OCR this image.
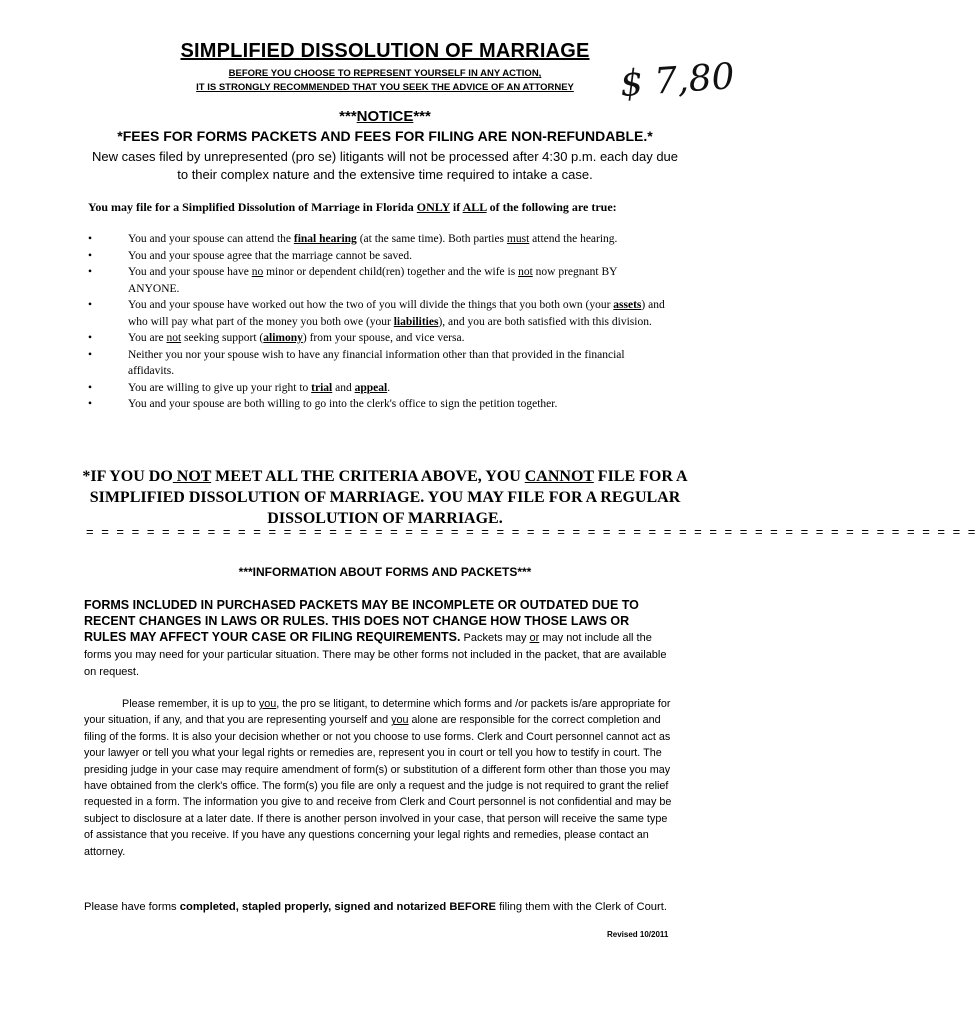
SIMPLIFIED DISSOLUTION OF MARRIAGE
BEFORE YOU CHOOSE TO REPRESENT YOURSELF IN ANY ACTION,
IT IS STRONGLY RECOMMENDED THAT YOU SEEK THE ADVICE OF AN ATTORNEY	$ 7,80
***NOTICE***
*FEES FOR FORMS PACKETS AND FEES FOR FILING ARE NON-REFUNDABLE.*
New cases filed by unrepresented (pro se) litigants will not be processed after 4:30 p.m. each day due to their complex nature and the extensive time required to intake a case.
You may file for a Simplified Dissolution of Marriage in Florida ONLY if ALL of the following are true:
• You and your spouse can attend the final hearing (at the same time). Both parties must attend the hearing.
• You and your spouse agree that the marriage cannot be saved.
• You and your spouse have no minor or dependent child(ren) together and the wife is not now pregnant BY ANYONE.
• You and your spouse have worked out how the two of you will divide the things that you both own (your assets) and who will pay what part of the money you both owe (your liabilities), and you are both satisfied with this division.
• You are not seeking support (alimony) from your spouse, and vice versa.
• Neither you nor your spouse wish to have any financial information other than that provided in the financial affidavits.
• You are willing to give up your right to trial and appeal.
• You and your spouse are both willing to go into the clerk's office to sign the petition together.
*IF YOU DO NOT MEET ALL THE CRITERIA ABOVE, YOU CANNOT FILE FOR A SIMPLIFIED DISSOLUTION OF MARRIAGE. YOU MAY FILE FOR A REGULAR DISSOLUTION OF MARRIAGE.
= = = = = = = = = = = = = = = = = = = = = = = = = = = = = = = = = = = = = = = = = = = = = = = = = = = = = = = = = = =
***INFORMATION ABOUT FORMS AND PACKETS***
FORMS INCLUDED IN PURCHASED PACKETS MAY BE INCOMPLETE OR OUTDATED DUE TO RECENT CHANGES IN LAWS OR RULES. THIS DOES NOT CHANGE HOW THOSE LAWS OR RULES MAY AFFECT YOUR CASE OR FILING REQUIREMENTS. Packets may or may not include all the forms you may need for your particular situation. There may be other forms not included in the packet, that are available on request.
Please remember, it is up to you, the pro se litigant, to determine which forms and /or packets is/are appropriate for your situation, if any, and that you are representing yourself and you alone are responsible for the correct completion and filing of the forms. It is also your decision whether or not you choose to use forms. Clerk and Court personnel cannot act as your lawyer or tell you what your legal rights or remedies are, represent you in court or tell you how to testify in court. The presiding judge in your case may require amendment of form(s) or substitution of a different form other than those you may have obtained from the clerk's office. The form(s) you file are only a request and the judge is not required to grant the relief requested in a form. The information you give to and receive from Clerk and Court personnel is not confidential and may be subject to disclosure at a later date. If there is another person involved in your case, that person will receive the same type of assistance that you receive. If you have any questions concerning your legal rights and remedies, please contact an attorney.
Please have forms completed, stapled properly, signed and notarized BEFORE filing them with the Clerk of Court.
Revised 10/2011
